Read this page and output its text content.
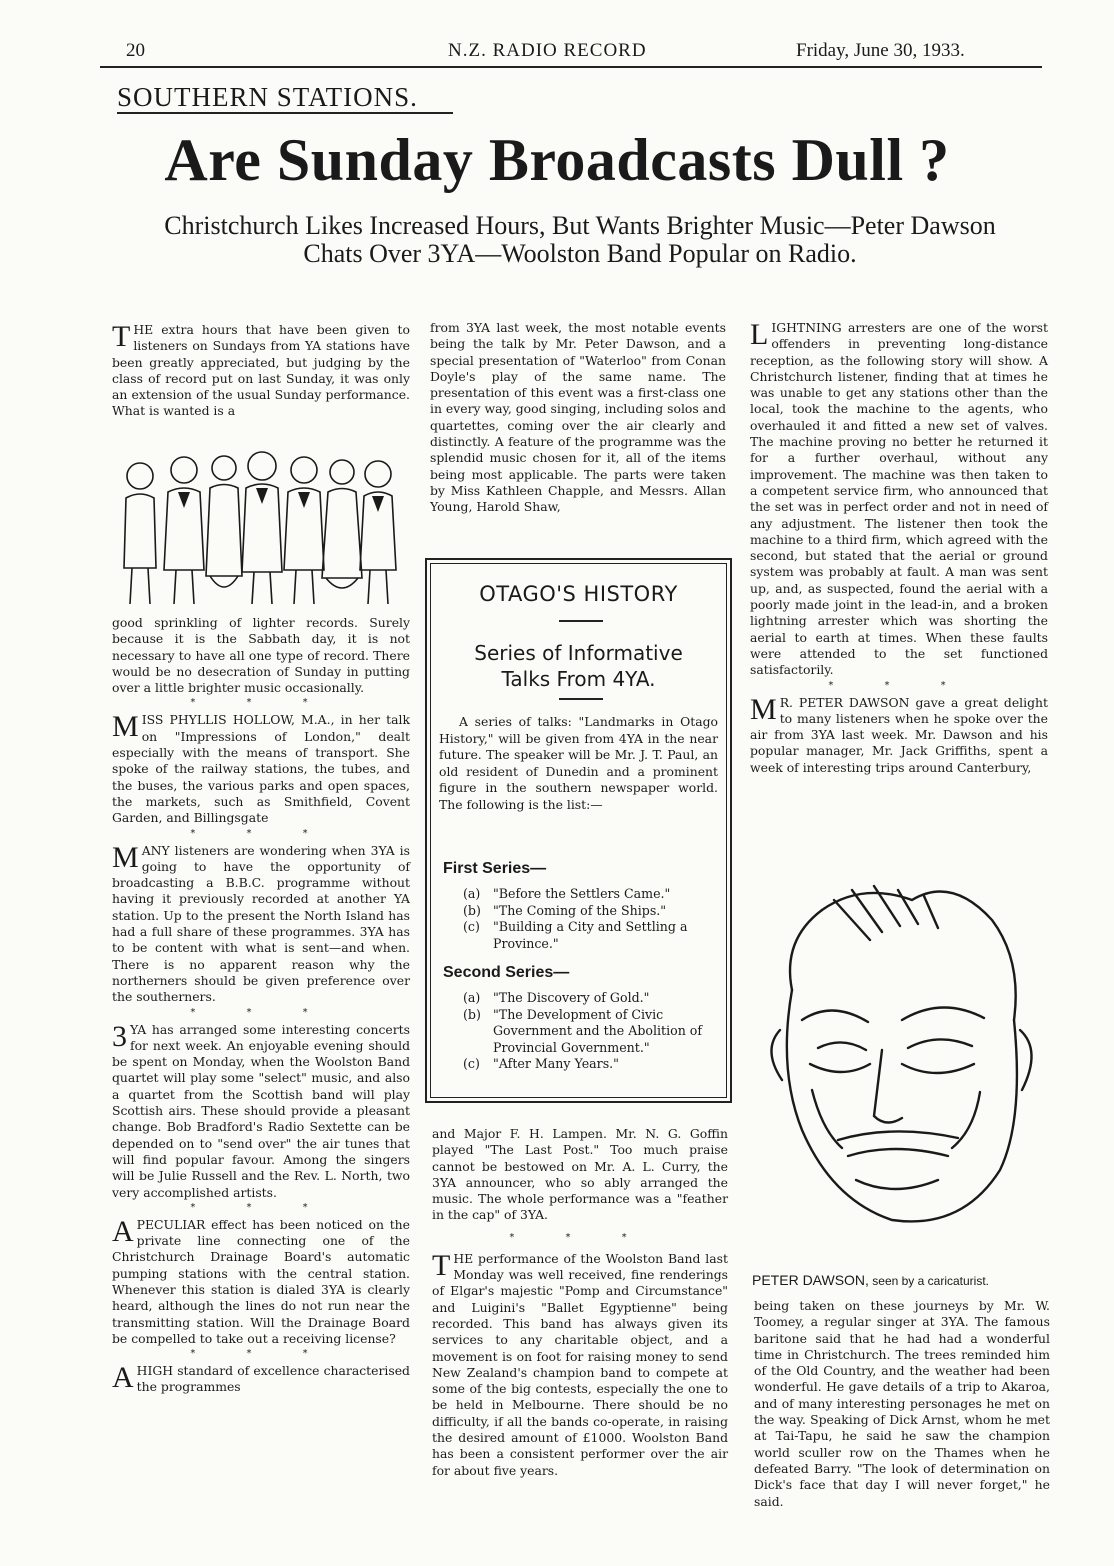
20	N.Z. RADIO RECORD	Friday, June 30, 1933.
SOUTHERN STATIONS.
Are Sunday Broadcasts Dull ?
Christchurch Likes Increased Hours, But Wants Brighter Music—Peter Dawson Chats Over 3YA—Woolston Band Popular on Radio.

THE extra hours that have been given to listeners on Sundays from YA stations have been greatly appreciated, but judging by the class of record put on last Sunday, it was only an extension of the usual Sunday performance. What is wanted is a

good sprinkling of lighter records. Surely because it is the Sabbath day, it is not necessary to have all one type of record. There would be no desecration of Sunday in putting over a little brighter music occasionally.

* * *

MISS PHYLLIS HOLLOW, M.A., in her talk on "Impressions of London," dealt especially with the means of transport. She spoke of the railway stations, the tubes, and the buses, the various parks and open spaces, the markets, such as Smithfield, Covent Garden, and Billingsgate

* * *

MANY listeners are wondering when 3YA is going to have the opportunity of broadcasting a B.B.C. programme without having it previously recorded at another YA station. Up to the present the North Island has had a full share of these programmes. 3YA has to be content with what is sent—and when. There is no apparent reason why the northerners should be given preference over the southerners.

* * *

3 YA has arranged some interesting concerts for next week. An enjoyable evening should be spent on Monday, when the Woolston Band quartet will play some "select" music, and also a quartet from the Scottish band will play Scottish airs. These should provide a pleasant change. Bob Bradford's Radio Sextette can be depended on to "send over" the air tunes that will find popular favour. Among the singers will be Julie Russell and the Rev. L. North, two very accomplished artists.

* * *

APECULIAR effect has been noticed on the private line connecting one of the Christchurch Drainage Board's automatic pumping stations with the central station. Whenever this station is dialed 3YA is clearly heard, although the lines do not run near the transmitting station. Will the Drainage Board be compelled to take out a receiving license?

* * *

AHIGH standard of excellence characterised the programmes

from 3YA last week, the most notable events being the talk by Mr. Peter Dawson, and a special presentation of "Waterloo" from Conan Doyle's play of the same name. The presentation of this event was a first-class one in every way, good singing, including solos and quartettes, coming over the air clearly and distinctly. A feature of the programme was the splendid music chosen for it, all of the items being most applicable. The parts were taken by Miss Kathleen Chapple, and Messrs. Allan Young, Harold Shaw,

OTAGO'S HISTORY
Series of Informative
Talks From 4YA.

A series of talks: "Landmarks in Otago History," will be given from 4YA in the near future. The speaker will be Mr. J. T. Paul, an old resident of Dunedin and a prominent figure in the southern newspaper world. The following is the list:—

First Series—
(a)	"Before the Settlers Came."
(b) "The Coming of the Ships."
(c)	"Building a City and Settling a Province."
Second Series—
(a)	"The Discovery of Gold."
(b) "The Development of Civic Government and the Abolition of Provincial Government."
(c)	"After Many Years."

and Major F. H. Lampen. Mr. N. G. Goffin played "The Last Post." Too much praise cannot be bestowed on Mr. A. L. Curry, the 3YA announcer, who so ably arranged the music. The whole performance was a "feather in the cap" of 3YA.

* * *

THE performance of the Woolston Band last Monday was well received, fine renderings of Elgar's majestic "Pomp and Circumstance" and Luigini's "Ballet Egyptienne" being recorded. This band has always given its services to any charitable object, and a movement is on foot for raising money to send New Zealand's champion band to compete at some of the big contests, especially the one to be held in Melbourne. There should be no difficulty, if all the bands co-operate, in raising the desired amount of £1000. Woolston Band has been a consistent performer over the air for about five years.

LIGHTNING arresters are one of the worst offenders in preventing long-distance reception, as the following story will show. A Christchurch listener, finding that at times he was unable to get any stations other than the local, took the machine to the agents, who overhauled it and fitted a new set of valves. The machine proving no better he returned it for a further overhaul, without any improvement. The machine was then taken to a competent service firm, who announced that the set was in perfect order and not in need of any adjustment. The listener then took the machine to a third firm, which agreed with the second, but stated that the aerial or ground system was probably at fault. A man was sent up, and, as suspected, found the aerial with a poorly made joint in the lead-in, and a broken lightning arrester which was shorting the aerial to earth at times. When these faults were attended to the set functioned satisfactorily.

* * *

M R. PETER DAWSON gave a great delight to many listeners when he spoke over the air from 3YA last week. Mr. Dawson and his popular manager, Mr. Jack Griffiths, spent a week of interesting trips around Canterbury,

PETER DAWSON, seen by a caricaturist.

being taken on these journeys by Mr. W. Toomey, a regular singer at 3YA. The famous baritone said that he had had a wonderful time in Christchurch. The trees reminded him of the Old Country, and the weather had been wonderful. He gave details of a trip to Akaroa, and of many interesting personages he met on the way. Speaking of Dick Arnst, whom he met at Tai-Tapu, he said he saw the champion world sculler row on the Thames when he defeated Barry. "The look of determination on Dick's face that day I will never forget," he said.
